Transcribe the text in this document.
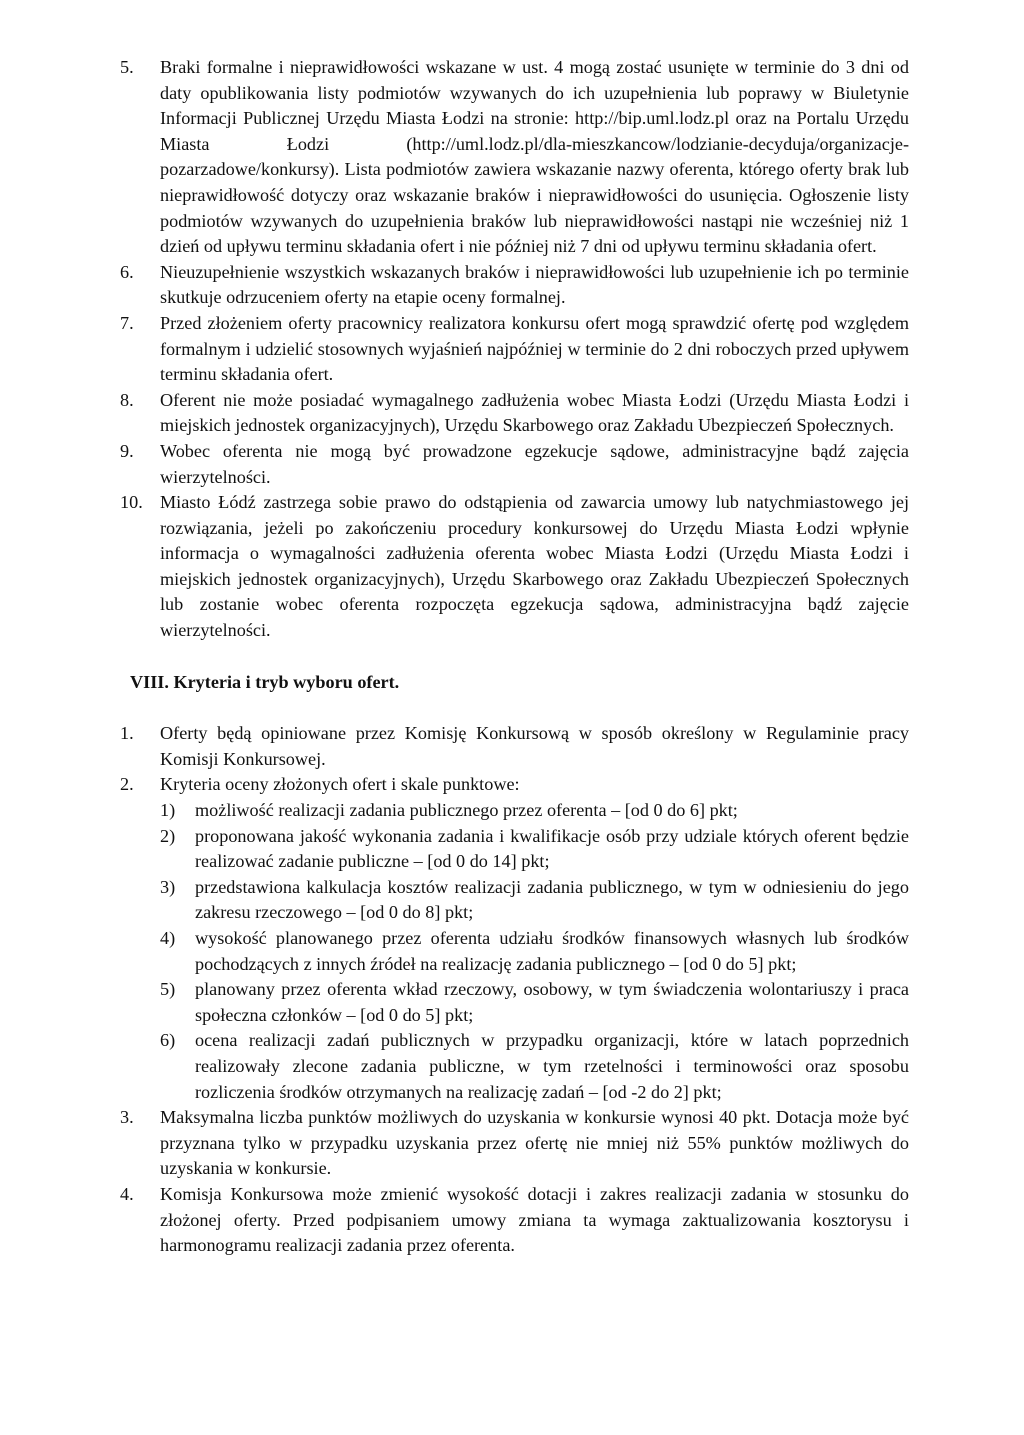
5.	Braki formalne i nieprawidłowości wskazane w ust. 4 mogą zostać usunięte w terminie do 3 dni od daty opublikowania listy podmiotów wzywanych do ich uzupełnienia lub poprawy w Biuletynie Informacji Publicznej Urzędu Miasta Łodzi na stronie: http://bip.uml.lodz.pl oraz na Portalu Urzędu Miasta Łodzi (http://uml.lodz.pl/dla-mieszkancow/lodzianie-decyduja/organizacje-pozarzadowe/konkursy). Lista podmiotów zawiera wskazanie nazwy oferenta, którego oferty brak lub nieprawidłowość dotyczy oraz wskazanie braków i nieprawidłowości do usunięcia. Ogłoszenie listy podmiotów wzywanych do uzupełnienia braków lub nieprawidłowości nastąpi nie wcześniej niż 1 dzień od upływu terminu składania ofert i nie później niż 7 dni od upływu terminu składania ofert.
6.	Nieuzupełnienie wszystkich wskazanych braków i nieprawidłowości lub uzupełnienie ich po terminie skutkuje odrzuceniem oferty na etapie oceny formalnej.
7.	Przed złożeniem oferty pracownicy realizatora konkursu ofert mogą sprawdzić ofertę pod względem formalnym i udzielić stosownych wyjaśnień najpóźniej w terminie do 2 dni roboczych przed upływem terminu składania ofert.
8.	Oferent nie może posiadać wymagalnego zadłużenia wobec Miasta Łodzi (Urzędu Miasta Łodzi i miejskich jednostek organizacyjnych), Urzędu Skarbowego oraz Zakładu Ubezpieczeń Społecznych.
9.	Wobec oferenta nie mogą być prowadzone egzekucje sądowe, administracyjne bądź zajęcia wierzytelności.
10. Miasto Łódź zastrzega sobie prawo do odstąpienia od zawarcia umowy lub natychmiastowego jej rozwiązania, jeżeli po zakończeniu procedury konkursowej do Urzędu Miasta Łodzi wpłynie informacja o wymagalności zadłużenia oferenta wobec Miasta Łodzi (Urzędu Miasta Łodzi i miejskich jednostek organizacyjnych), Urzędu Skarbowego oraz Zakładu Ubezpieczeń Społecznych lub zostanie wobec oferenta rozpoczęta egzekucja sądowa, administracyjna bądź zajęcie wierzytelności.
VIII. Kryteria i tryb wyboru ofert.
1.	Oferty będą opiniowane przez Komisję Konkursową w sposób określony w Regulaminie pracy Komisji Konkursowej.
2.	Kryteria oceny złożonych ofert i skale punktowe:
1)	możliwość realizacji zadania publicznego przez oferenta – [od 0 do 6] pkt;
2)	proponowana jakość wykonania zadania i kwalifikacje osób przy udziale których oferent będzie realizować zadanie publiczne – [od 0 do 14] pkt;
3)	przedstawiona kalkulacja kosztów realizacji zadania publicznego, w tym w odniesieniu do jego zakresu rzeczowego – [od 0 do 8] pkt;
4)	wysokość planowanego przez oferenta udziału środków finansowych własnych lub środków pochodzących z innych źródeł na realizację zadania publicznego – [od 0 do 5] pkt;
5)	planowany przez oferenta wkład rzeczowy, osobowy, w tym świadczenia wolontariuszy i praca społeczna członków – [od 0 do 5] pkt;
6)	ocena realizacji zadań publicznych w przypadku organizacji, które w latach poprzednich realizowały zlecone zadania publiczne, w tym rzetelności i terminowości oraz sposobu rozliczenia środków otrzymanych na realizację zadań – [od -2 do 2] pkt;
3.	Maksymalna liczba punktów możliwych do uzyskania w konkursie wynosi 40 pkt. Dotacja może być przyznana tylko w przypadku uzyskania przez ofertę nie mniej niż 55% punktów możliwych do uzyskania w konkursie.
4.	Komisja Konkursowa może zmienić wysokość dotacji i zakres realizacji zadania w stosunku do złożonej oferty. Przed podpisaniem umowy zmiana ta wymaga zaktualizowania kosztorysu i harmonogramu realizacji zadania przez oferenta.
